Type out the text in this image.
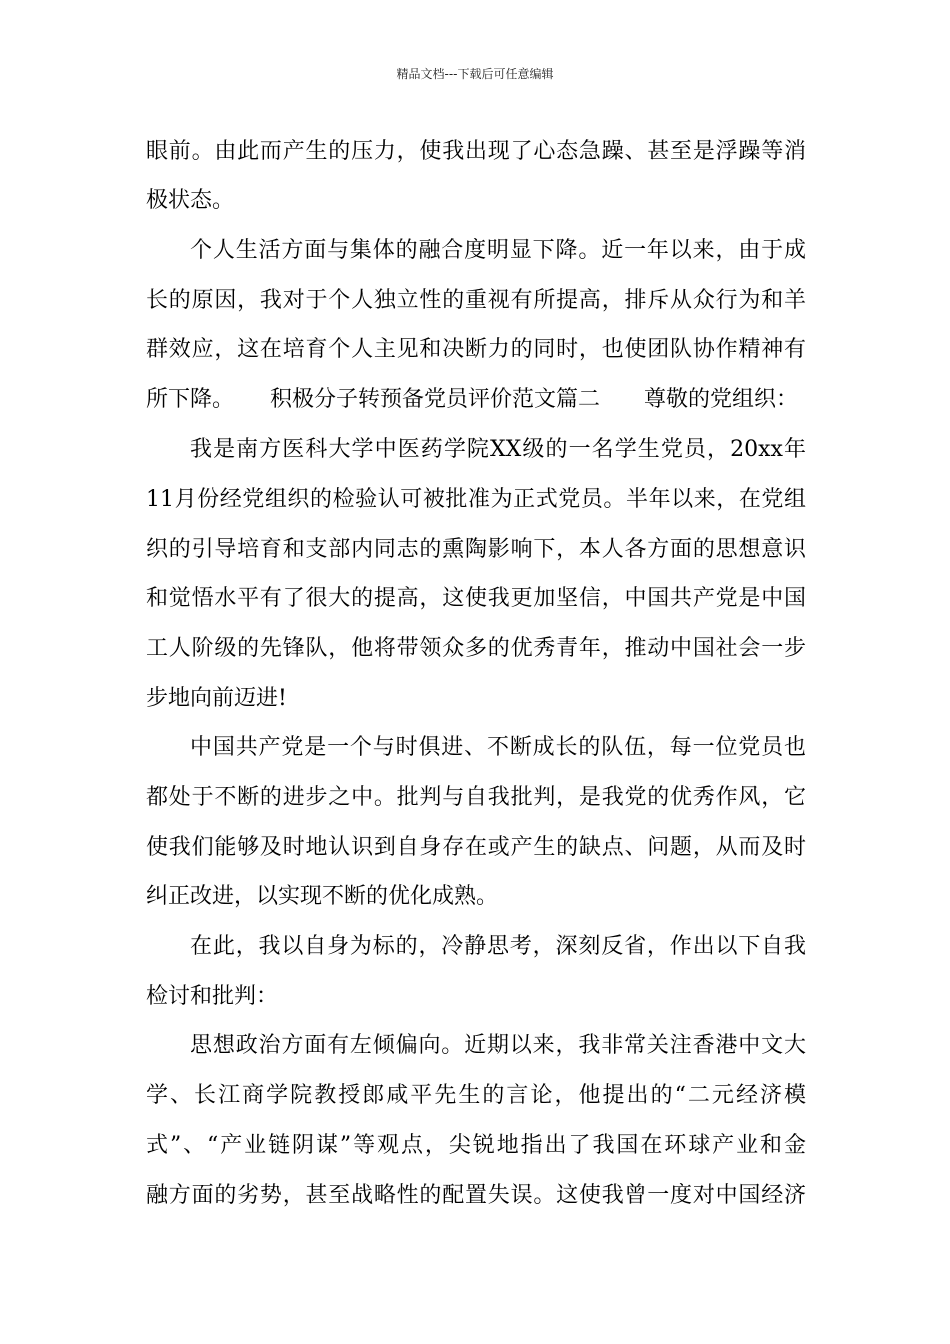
精品文档---下载后可任意编辑
眼前。由此而产生的压力，使我出现了心态急躁、甚至是浮躁等消
极状态。
个人生活方面与集体的融合度明显下降。近一年以来，由于成
长的原因，我对于个人独立性的重视有所提高，排斥从众行为和羊
群效应，这在培育个人主见和决断力的同时，也使团队协作精神有
所下降。 积极分子转预备党员评价范文篇二 尊敬的党组织：
我是南方医科大学中医药学院XX级的一名学生党员，20xx年
11月份经党组织的检验认可被批准为正式党员。半年以来，在党组
织的引导培育和支部内同志的熏陶影响下，本人各方面的思想意识
和觉悟水平有了很大的提高，这使我更加坚信，中国共产党是中国
工人阶级的先锋队，他将带领众多的优秀青年，推动中国社会一步
步地向前迈进!
中国共产党是一个与时俱进、不断成长的队伍，每一位党员也
都处于不断的进步之中。批判与自我批判，是我党的优秀作风，它
使我们能够及时地认识到自身存在或产生的缺点、问题，从而及时
纠正改进，以实现不断的优化成熟。
在此，我以自身为标的，冷静思考，深刻反省，作出以下自我
检讨和批判：
思想政治方面有左倾偏向。近期以来，我非常关注香港中文大
学、长江商学院教授郎咸平先生的言论，他提出的“二元经济模
式”、“产业链阴谋”等观点，尖锐地指出了我国在环球产业和金
融方面的劣势，甚至战略性的配置失误。这使我曾一度对中国经济
